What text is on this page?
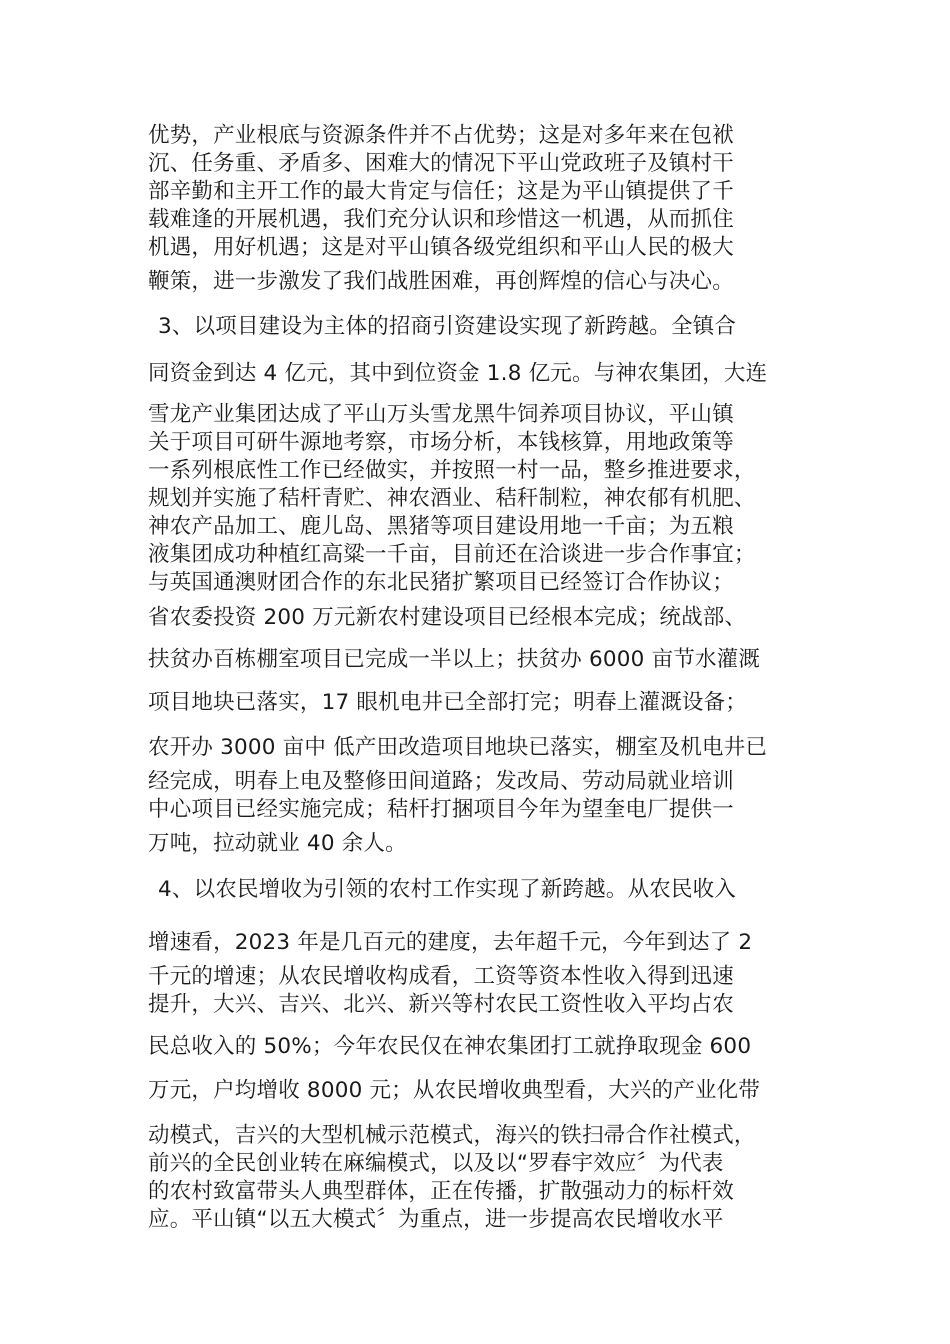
优势，产业根底与资源条件并不占优势；这是对多年来在包袱
沉、任务重、矛盾多、困难大的情况下平山党政班子及镇村干
部辛勤和主开工作的最大肯定与信任；这是为平山镇提供了千
载难逢的开展机遇，我们充分认识和珍惜这一机遇，从而抓住
机遇，用好机遇；这是对平山镇各级党组织和平山人民的极大
鞭策，进一步激发了我们战胜困难，再创辉煌的信心与决心。
3、以项目建设为主体的招商引资建设实现了新跨越。全镇合
同资金到达 4 亿元，其中到位资金 1.8 亿元。与神农集团，大连
雪龙产业集团达成了平山万头雪龙黑牛饲养项目协议，平山镇
关于项目可研牛源地考察，市场分析，本钱核算，用地政策等
一系列根底性工作已经做实，并按照一村一品，整乡推进要求，
规划并实施了秸杆青贮、神农酒业、秸秆制粒，神农郁有机肥、
神农产品加工、鹿儿岛、黑猪等项目建设用地一千亩；为五粮
液集团成功种植红高粱一千亩，目前还在洽谈进一步合作事宜；
与英国通澳财团合作的东北民猪扩繁项目已经签订合作协议；
省农委投资 200 万元新农村建设项目已经根本完成；统战部、
扶贫办百栋棚室项目已完成一半以上；扶贫办 6000 亩节水灌溉
项目地块已落实，17 眼机电井已全部打完；明春上灌溉设备；
农开办 3000 亩中 低产田改造项目地块已落实，棚室及机电井已
经完成，明春上电及整修田间道路；发改局、劳动局就业培训
中心项目已经实施完成；秸杆打捆项目今年为望奎电厂提供一
万吨，拉动就业 40 余人。
4、以农民增收为引领的农村工作实现了新跨越。从农民收入
增速看，2023 年是几百元的建度，去年超千元，今年到达了 2
千元的增速；从农民增收构成看，工资等资本性收入得到迅速
提升，大兴、吉兴、北兴、新兴等村农民工资性收入平均占农
民总收入的 50%；今年农民仅在神农集团打工就挣取现金 600
万元，户均增收 8000 元；从农民增收典型看，大兴的产业化带
动模式，吉兴的大型机械示范模式，海兴的铁扫帚合作社模式，
前兴的全民创业转在麻编模式，以及以“罗春宇效应〞为代表
的农村致富带头人典型群体，正在传播，扩散强动力的标杆效
应。平山镇“以五大模式〞为重点，进一步提高农民增收水平
